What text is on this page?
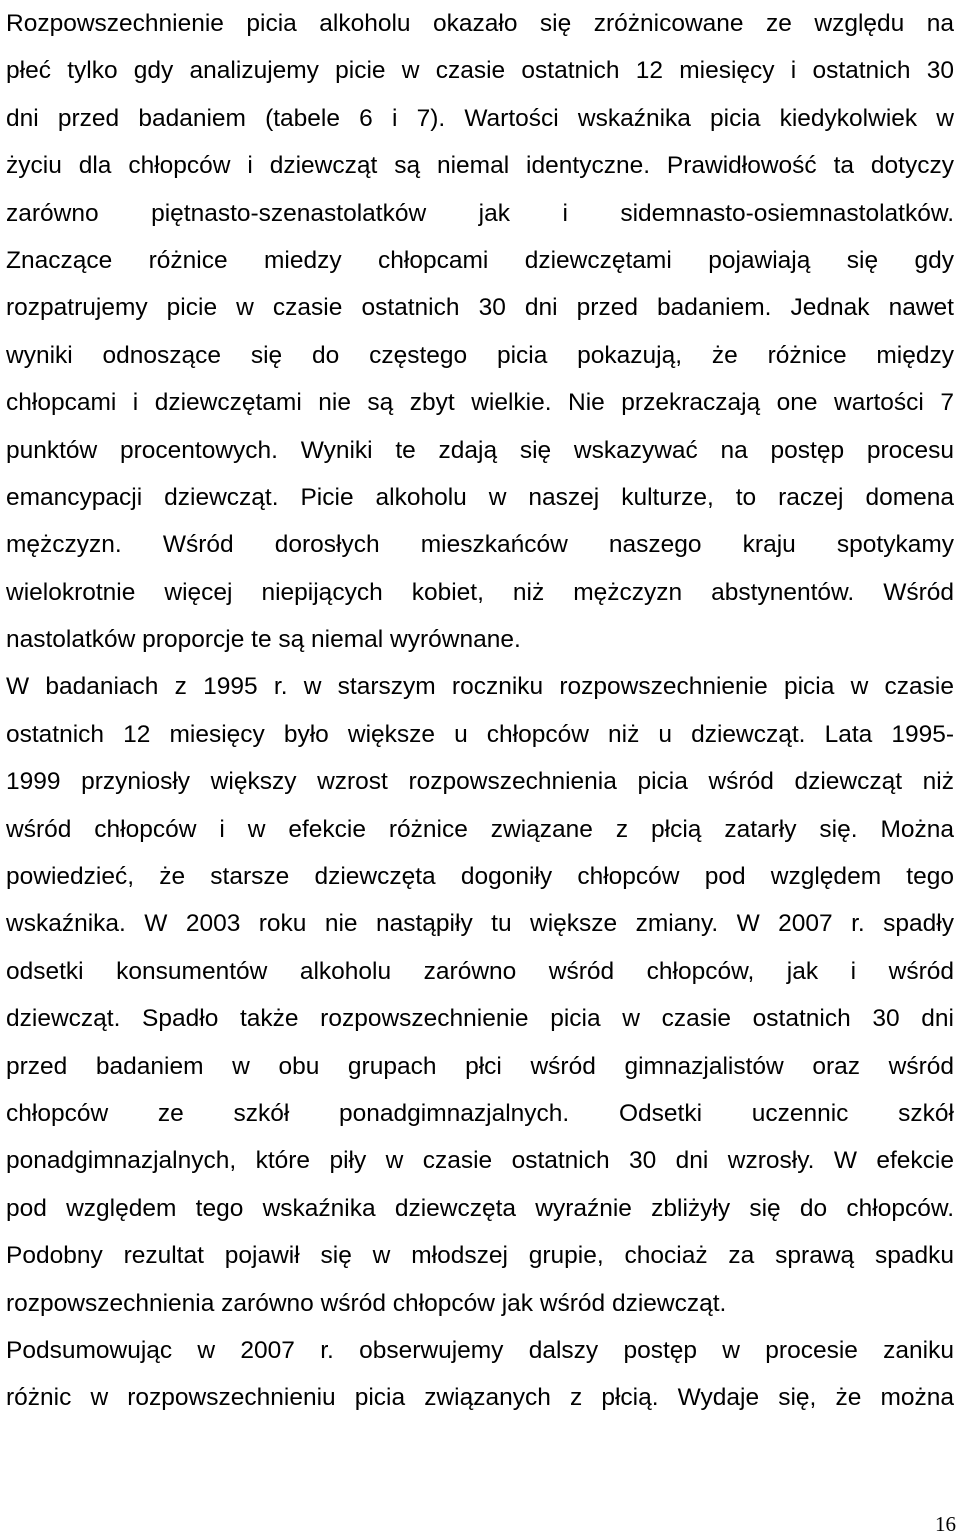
Rozpowszechnienie picia alkoholu okazało się zróżnicowane ze względu na
płeć tylko gdy analizujemy picie w czasie ostatnich 12 miesięcy i ostatnich 30
dni przed badaniem (tabele 6 i 7). Wartości wskaźnika picia kiedykolwiek w
życiu dla chłopców i dziewcząt są niemal identyczne. Prawidłowość ta dotyczy
zarówno piętnasto-szenastolatków jak i sidemnasto-osiemnastolatków.
Znaczące różnice miedzy chłopcami dziewczętami pojawiają się gdy
rozpatrujemy picie w czasie ostatnich 30 dni przed badaniem. Jednak nawet
wyniki odnoszące się do częstego picia pokazują, że różnice między
chłopcami i dziewczętami nie są zbyt wielkie. Nie przekraczają one wartości 7
punktów procentowych. Wyniki te zdają się wskazywać na postęp procesu
emancypacji dziewcząt. Picie alkoholu w naszej kulturze, to raczej domena
mężczyzn. Wśród dorosłych mieszkańców naszego kraju spotykamy
wielokrotnie więcej niepijących kobiet, niż mężczyzn abstynentów. Wśród
nastolatków proporcje te są niemal wyrównane.
W badaniach z 1995 r. w starszym roczniku rozpowszechnienie picia w czasie
ostatnich 12 miesięcy było większe u chłopców niż u dziewcząt. Lata 1995-
1999 przyniosły większy wzrost rozpowszechnienia picia wśród dziewcząt niż
wśród chłopców i w efekcie różnice związane z płcią zatarły się. Można
powiedzieć, że starsze dziewczęta dogoniły chłopców pod względem tego
wskaźnika. W 2003 roku nie nastąpiły tu większe zmiany. W 2007 r. spadły
odsetki konsumentów alkoholu zarówno wśród chłopców, jak i wśród
dziewcząt. Spadło także rozpowszechnienie picia w czasie ostatnich 30 dni
przed badaniem w obu grupach płci wśród gimnazjalistów oraz wśród
chłopców ze szkół ponadgimnazjalnych. Odsetki uczennic szkół
ponadgimnazjalnych, które piły w czasie ostatnich 30 dni wzrosły. W efekcie
pod względem tego wskaźnika dziewczęta wyraźnie zbliżyły się do chłopców.
Podobny rezultat pojawił się w młodszej grupie, chociaż za sprawą spadku
rozpowszechnienia zarówno wśród chłopców jak wśród dziewcząt.
Podsumowując w 2007 r. obserwujemy dalszy postęp w procesie zaniku
różnic w rozpowszechnieniu picia związanych z płcią. Wydaje się, że można
16
